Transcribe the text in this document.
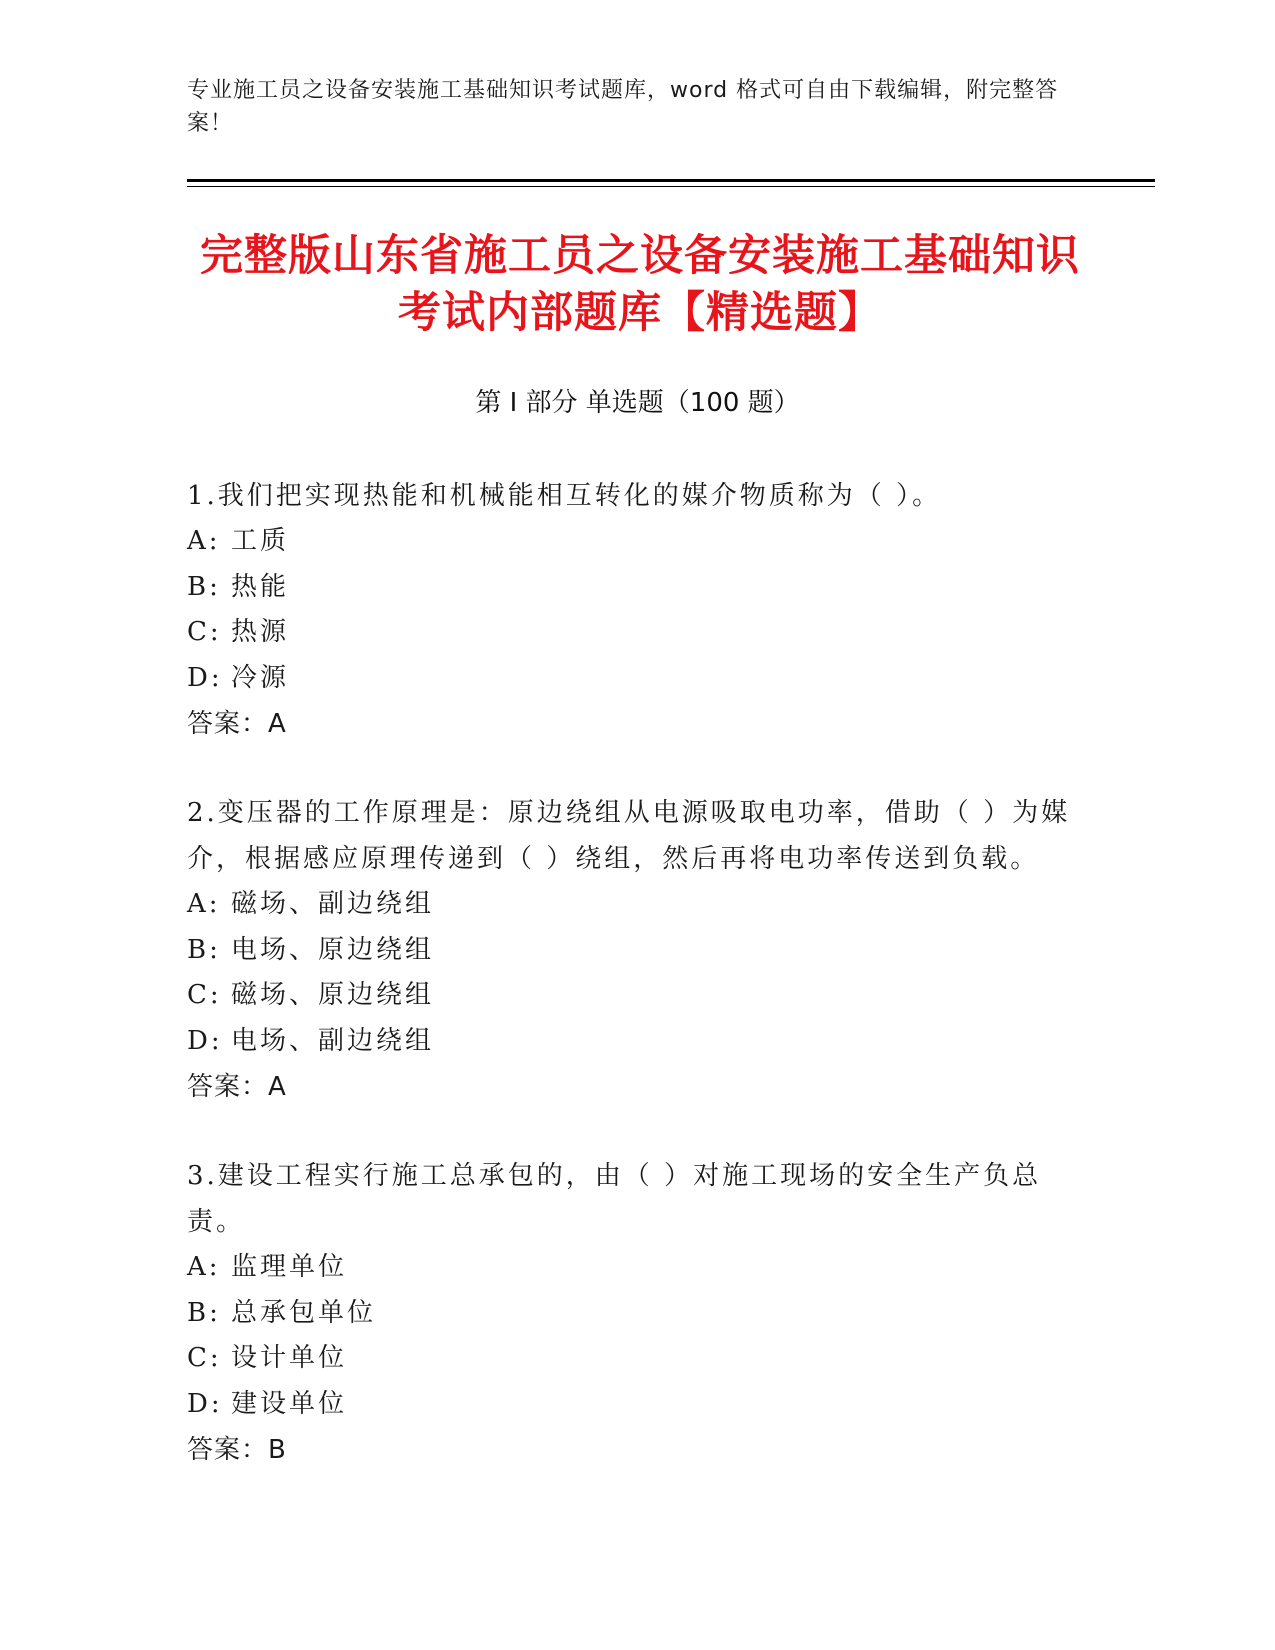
专业施工员之设备安装施工基础知识考试题库，word 格式可自由下载编辑，附完整答案！
完整版山东省施工员之设备安装施工基础知识考试内部题库【精选题】
第 I 部分 单选题（100 题）

1.我们把实现热能和机械能相互转化的媒介物质称为（ ）。

A: 工质

B: 热能

C: 热源

D: 冷源

答案：A

2.变压器的工作原理是：原边绕组从电源吸取电功率，借助（ ）为媒介，根据感应原理传递到（ ）绕组，然后再将电功率传送到负载。

A: 磁场、副边绕组

B: 电场、原边绕组

C: 磁场、原边绕组

D: 电场、副边绕组

答案：A

3.建设工程实行施工总承包的，由（ ）对施工现场的安全生产负总责。

A: 监理单位

B: 总承包单位

C: 设计单位

D: 建设单位

答案：B
